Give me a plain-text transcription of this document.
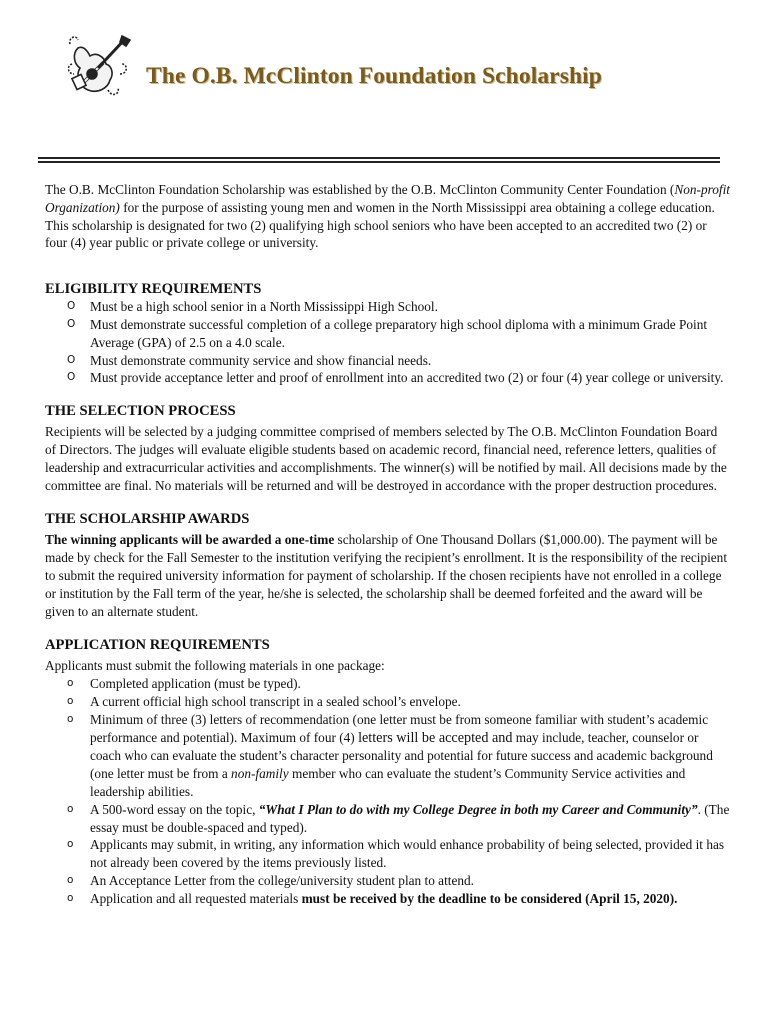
The O.B. McClinton Foundation Scholarship

The O.B. McClinton Foundation Scholarship was established by the O.B. McClinton Community Center Foundation (Non-profit Organization) for the purpose of assisting young men and women in the North Mississippi area obtaining a college education. This scholarship is designated for two (2) qualifying high school seniors who have been accepted to an accredited two (2) or four (4) year public or private college or university.

ELIGIBILITY REQUIREMENTS
O Must be a high school senior in a North Mississippi High School.
O Must demonstrate successful completion of a college preparatory high school diploma with a minimum Grade Point Average (GPA) of 2.5 on a 4.0 scale.
O Must demonstrate community service and show financial needs.
O Must provide acceptance letter and proof of enrollment into an accredited two (2) or four (4) year college or university.
THE SELECTION PROCESS

Recipients will be selected by a judging committee comprised of members selected by The O.B. McClinton Foundation Board of Directors. The judges will evaluate eligible students based on academic record, financial need, reference letters, qualities of leadership and extracurricular activities and accomplishments. The winner(s) will be notified by mail. All decisions made by the committee are final. No materials will be returned and will be destroyed in accordance with the proper destruction procedures.

THE SCHOLARSHIP AWARDS

The winning applicants will be awarded a one-time scholarship of One Thousand Dollars ($1,000.00). The payment will be made by check for the Fall Semester to the institution verifying the recipient’s enrollment. It is the responsibility of the recipient to submit the required university information for payment of scholarship. If the chosen recipients have not enrolled in a college or institution by the Fall term of the year, he/she is selected, the scholarship shall be deemed forfeited and the award will be given to an alternate student.

APPLICATION REQUIREMENTS

Applicants must submit the following materials in one package:

o Completed application (must be typed).
o A current official high school transcript in a sealed school’s envelope.
o Minimum of three (3) letters of recommendation (one letter must be from someone familiar with student’s academic performance and potential). Maximum of four (4) letters will be accepted and may include, teacher, counselor or coach who can evaluate the student’s character personality and potential for future success and academic background (one letter must be from a non-family member who can evaluate the student’s Community Service activities and leadership abilities.
o A 500-word essay on the topic, “What I Plan to do with my College Degree in both my Career and Community”. (The essay must be double-spaced and typed).
o Applicants may submit, in writing, any information which would enhance probability of being selected, provided it has not already been covered by the items previously listed.
o An Acceptance Letter from the college/university student plan to attend.
o Application and all requested materials must be received by the deadline to be considered (April 15, 2020).
